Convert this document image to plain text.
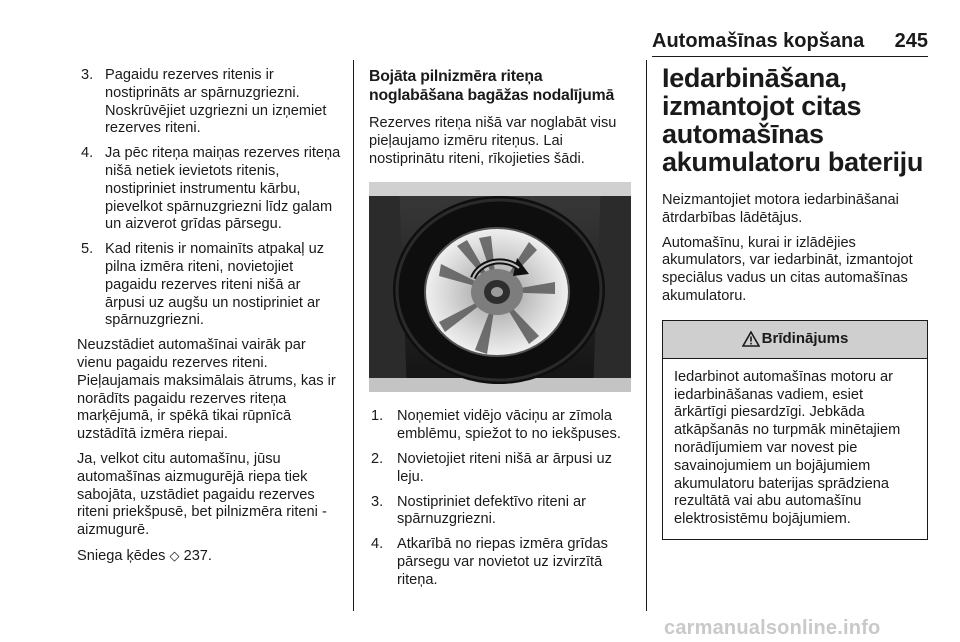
Automašīnas kopšana 245
3. Pagaidu rezerves ritenis ir nostiprināts ar spārnuzgriezni. Noskrūvējiet uzgriezni un izņemiet rezerves riteni.
4. Ja pēc riteņa maiņas rezerves riteņa nišā netiek ievietots ritenis, nostipriniet instrumentu kārbu, pievelkot spārnuzgriezni līdz galam un aizverot grīdas pārsegu.
5. Kad ritenis ir nomainīts atpakaļ uz pilna izmēra riteni, novietojiet pagaidu rezerves riteni nišā ar ārpusi uz augšu un nostipriniet ar spārnuzgriezni.

Neuzstādiet automašīnai vairāk par vienu pagaidu rezerves riteni. Pieļaujamais maksimālais ātrums, kas ir norādīts pagaidu rezerves riteņa marķējumā, ir spēkā tikai rūpnīcā uzstādītā izmēra riepai.

Ja, velkot citu automašīnu, jūsu automašīnas aizmugurējā riepa tiek sabojāta, uzstādiet pagaidu rezerves riteni priekšpusē, bet pilnizmēra riteni - aizmugurē.

Sniega ķēdes ◇ 237.

Bojāta pilnizmēra riteņa noglabāšana bagāžas nodalījumā

Rezerves riteņa nišā var noglabāt visu pieļaujamo izmēru riteņus. Lai nostiprinātu riteni, rīkojieties šādi.

1. Noņemiet vidējo vāciņu ar zīmola emblēmu, spiežot to no iekšpuses.
2. Novietojiet riteni nišā ar ārpusi uz leju.
3. Nostipriniet defektīvo riteni ar spārnuzgriezni.
4. Atkarībā no riepas izmēra grīdas pārsegu var novietot uz izvirzītā riteņa.
Iedarbināšana, izmantojot citas automašīnas akumulatoru bateriju

Neizmantojiet motora iedarbināšanai ātrdarbības lādētājus.

Automašīnu, kurai ir izlādējies akumulators, var iedarbināt, izmantojot speciālus vadus un citas automašīnas akumulatoru.

Brīdinājums
Iedarbinot automašīnas motoru ar iedarbināšanas vadiem, esiet ārkārtīgi piesardzīgi. Jebkāda atkāpšanās no turpmāk minētajiem norādījumiem var novest pie savainojumiem un bojājumiem akumulatoru baterijas sprādziena rezultātā vai abu automašīnu elektrosistēmu bojājumiem.
carmanualsonline.info
